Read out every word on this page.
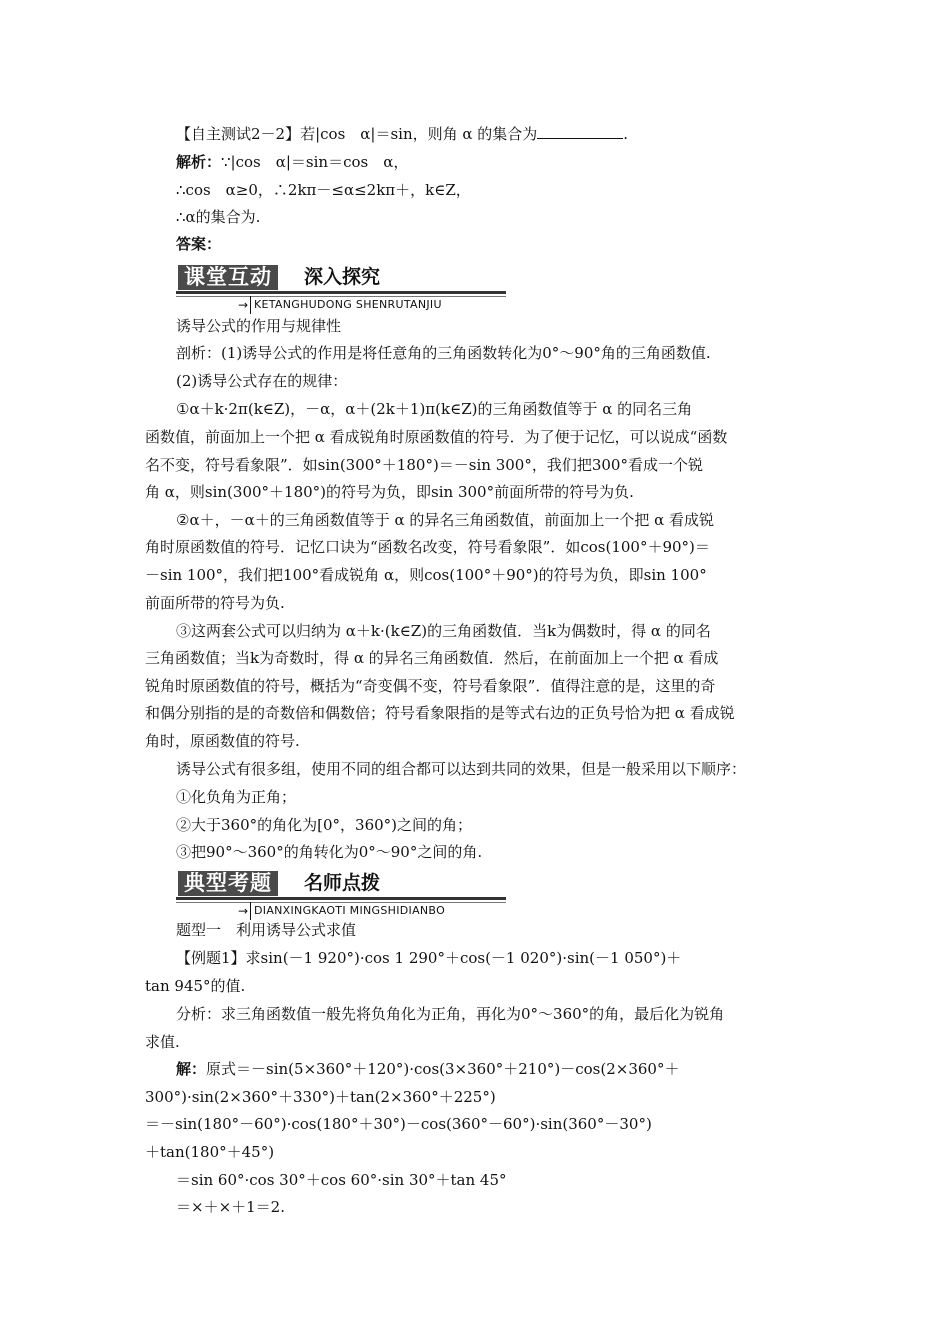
【自主测试2－2】若|cos　α|＝sin，则角 α 的集合为	.
解析：∵|cos　α|＝sin＝cos　α，
∴cos　α≥0，∴2kπ－≤α≤2kπ＋，k∈Z，
∴α的集合为.
答案：
课堂互动	深入探究
→ KETANGHUDONG SHENRUTANJIU
诱导公式的作用与规律性
剖析：(1)诱导公式的作用是将任意角的三角函数转化为0°～90°角的三角函数值.
(2)诱导公式存在的规律：
①α＋k·2π(k∈Z)，－α，α＋(2k＋1)π(k∈Z)的三角函数值等于 α 的同名三角
函数值，前面加上一个把 α 看成锐角时原函数值的符号．为了便于记忆，可以说成“函数
名不变，符号看象限”．如sin(300°＋180°)＝－sin 300°，我们把300°看成一个锐
角 α，则sin(300°＋180°)的符号为负，即sin 300°前面所带的符号为负.
②α＋，－α＋的三角函数值等于 α 的异名三角函数值，前面加上一个把 α 看成锐
角时原函数值的符号．记忆口诀为“函数名改变，符号看象限”．如cos(100°＋90°)＝
－sin 100°，我们把100°看成锐角 α，则cos(100°＋90°)的符号为负，即sin 100°
前面所带的符号为负.
③这两套公式可以归纳为 α＋k·(k∈Z)的三角函数值．当k为偶数时，得 α 的同名
三角函数值；当k为奇数时，得 α 的异名三角函数值．然后，在前面加上一个把 α 看成
锐角时原函数值的符号，概括为“奇变偶不变，符号看象限”．值得注意的是，这里的奇
和偶分别指的是的奇数倍和偶数倍；符号看象限指的是等式右边的正负号恰为把 α 看成锐
角时，原函数值的符号.
诱导公式有很多组，使用不同的组合都可以达到共同的效果，但是一般采用以下顺序：
①化负角为正角；
②大于360°的角化为[0°，360°)之间的角；
③把90°～360°的角转化为0°～90°之间的角.
典型考题	名师点拨
→ DIANXINGKAOTI MINGSHIDIANBO
题型一　利用诱导公式求值
【例题1】求sin(－1 920°)·cos 1 290°＋cos(－1 020°)·sin(－1 050°)＋
tan 945°的值.
分析：求三角函数值一般先将负角化为正角，再化为0°～360°的角，最后化为锐角
求值.
解：原式＝－sin(5×360°＋120°)·cos(3×360°＋210°)－cos(2×360°＋
300°)·sin(2×360°＋330°)＋tan(2×360°＋225°)
＝－sin(180°－60°)·cos(180°＋30°)－cos(360°－60°)·sin(360°－30°)
＋tan(180°＋45°)
＝sin 60°·cos 30°＋cos 60°·sin 30°＋tan 45°
＝×＋×＋1＝2.
